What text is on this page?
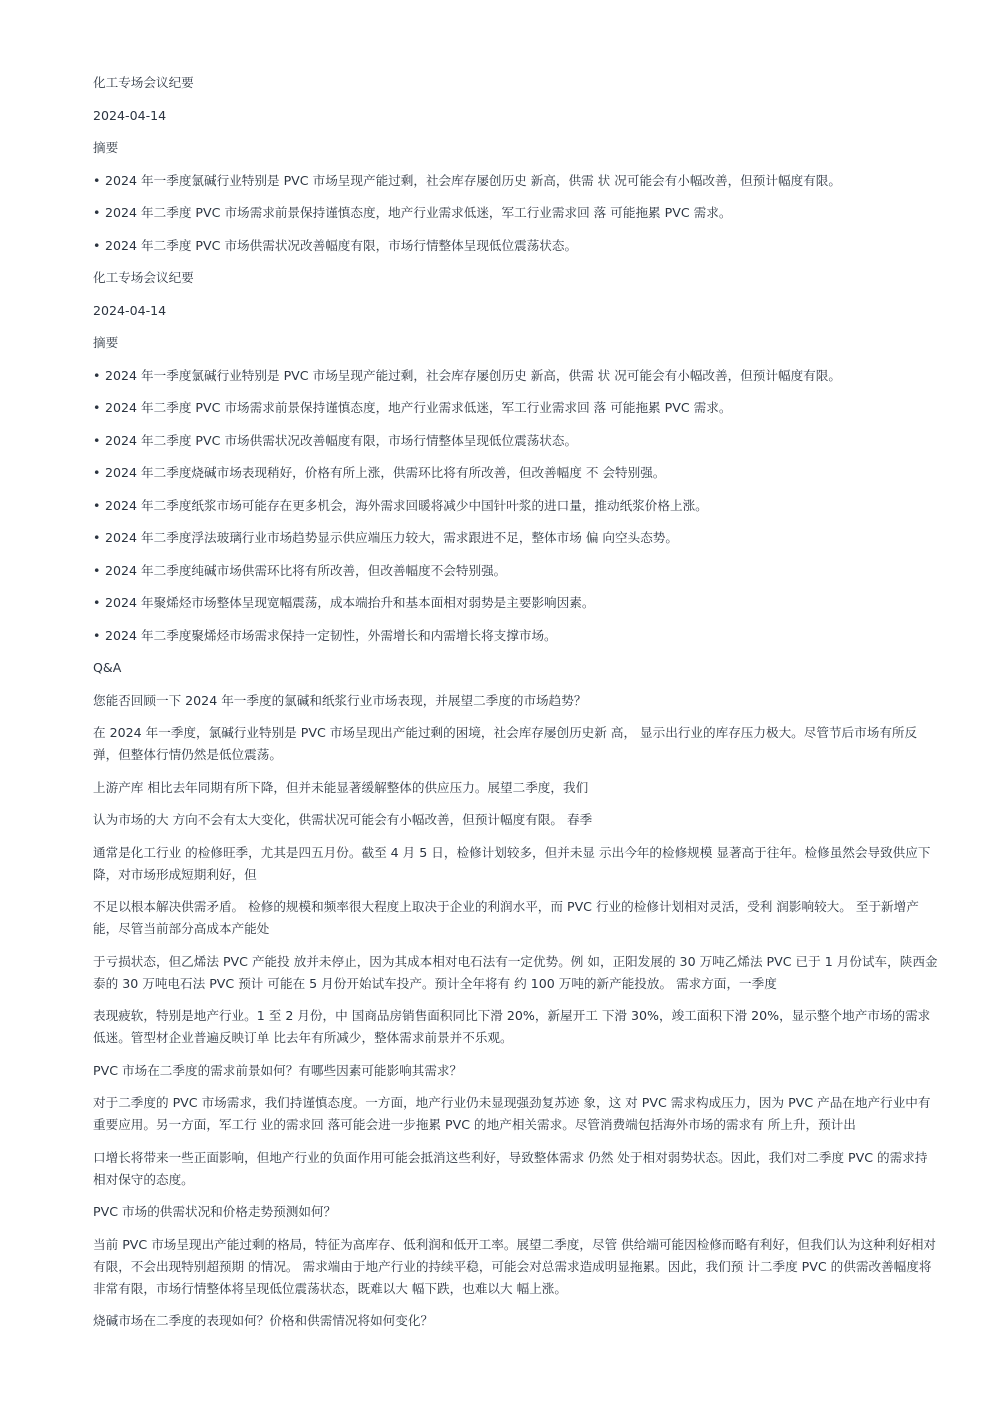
化工专场会议纪要
2024-04-14
摘要
• 2024 年一季度氯碱行业特别是 PVC 市场呈现产能过剩，社会库存屡创历史 新高，供需 状 况可能会有小幅改善，但预计幅度有限。
• 2024 年二季度 PVC 市场需求前景保持谨慎态度，地产行业需求低迷，军工行业需求回 落 可能拖累 PVC 需求。
• 2024 年二季度 PVC 市场供需状况改善幅度有限，市场行情整体呈现低位震荡状态。
化工专场会议纪要
2024-04-14
摘要
• 2024 年一季度氯碱行业特别是 PVC 市场呈现产能过剩，社会库存屡创历史 新高，供需 状 况可能会有小幅改善，但预计幅度有限。
• 2024 年二季度 PVC 市场需求前景保持谨慎态度，地产行业需求低迷，军工行业需求回 落 可能拖累 PVC 需求。
• 2024 年二季度 PVC 市场供需状况改善幅度有限，市场行情整体呈现低位震荡状态。
• 2024 年二季度烧碱市场表现稍好，价格有所上涨，供需环比将有所改善，但改善幅度 不 会特别强。
• 2024 年二季度纸浆市场可能存在更多机会，海外需求回暖将减少中国针叶浆的进口量，推动纸浆价格上涨。
• 2024 年二季度浮法玻璃行业市场趋势显示供应端压力较大，需求跟进不足，整体市场 偏 向空头态势。
• 2024 年二季度纯碱市场供需环比将有所改善，但改善幅度不会特别强。
• 2024 年聚烯烃市场整体呈现宽幅震荡，成本端抬升和基本面相对弱势是主要影响因素。
• 2024 年二季度聚烯烃市场需求保持一定韧性，外需增长和内需增长将支撑市场。
Q&A
您能否回顾一下 2024 年一季度的氯碱和纸浆行业市场表现，并展望二季度的市场趋势？
在 2024 年一季度，氯碱行业特别是 PVC 市场呈现出产能过剩的困境，社会库存屡创历史新 高， 显示出行业的库存压力极大。尽管节后市场有所反弹，但整体行情仍然是低位震荡。
上游产库 相比去年同期有所下降，但并未能显著缓解整体的供应压力。展望二季度，我们
认为市场的大 方向不会有太大变化，供需状况可能会有小幅改善，但预计幅度有限。 春季
通常是化工行业 的检修旺季，尤其是四五月份。截至 4 月 5 日，检修计划较多，但并未显 示出今年的检修规模 显著高于往年。检修虽然会导致供应下降，对市场形成短期利好，但
不足以根本解决供需矛盾。 检修的规模和频率很大程度上取决于企业的利润水平，而 PVC 行业的检修计划相对灵活，受利 润影响较大。 至于新增产能，尽管当前部分高成本产能处
于亏损状态，但乙烯法 PVC 产能投 放并未停止，因为其成本相对电石法有一定优势。例 如，正阳发展的 30 万吨乙烯法 PVC 已于 1 月份试车，陕西金泰的 30 万吨电石法 PVC 预计 可能在 5 月份开始试车投产。预计全年将有 约 100 万吨的新产能投放。 需求方面，一季度
表现疲软，特别是地产行业。1 至 2 月份，中 国商品房销售面积同比下滑 20%，新屋开工 下滑 30%，竣工面积下滑 20%，显示整个地产市场的需求低迷。管型材企业普遍反映订单 比去年有所减少，整体需求前景并不乐观。
PVC 市场在二季度的需求前景如何？有哪些因素可能影响其需求？
对于二季度的 PVC 市场需求，我们持谨慎态度。一方面，地产行业仍未显现强劲复苏迹 象，这 对 PVC 需求构成压力，因为 PVC 产品在地产行业中有重要应用。另一方面，军工行 业的需求回 落可能会进一步拖累 PVC 的地产相关需求。尽管消费端包括海外市场的需求有 所上升，预计出
口增长将带来一些正面影响，但地产行业的负面作用可能会抵消这些利好，导致整体需求 仍然 处于相对弱势状态。因此，我们对二季度 PVC 的需求持相对保守的态度。
PVC 市场的供需状况和价格走势预测如何？
当前 PVC 市场呈现出产能过剩的格局，特征为高库存、低利润和低开工率。展望二季度，尽管 供给端可能因检修而略有利好，但我们认为这种利好相对有限，不会出现特别超预期 的情况。 需求端由于地产行业的持续平稳，可能会对总需求造成明显拖累。因此，我们预 计二季度 PVC 的供需改善幅度将非常有限，市场行情整体将呈现低位震荡状态，既难以大 幅下跌，也难以大 幅上涨。
烧碱市场在二季度的表现如何？价格和供需情况将如何变化？
